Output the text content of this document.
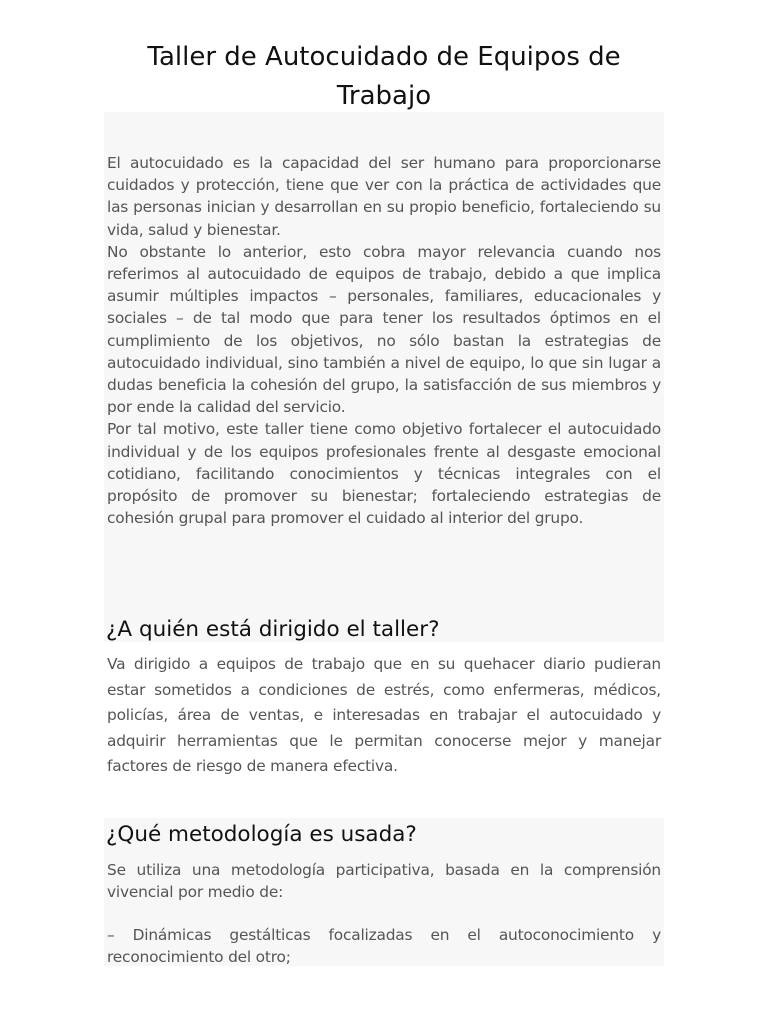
Taller de Autocuidado de Equipos de Trabajo

El autocuidado es la capacidad del ser humano para proporcionarse cuidados y protección, tiene que ver con la práctica de actividades que las personas inician y desarrollan en su propio beneficio, fortaleciendo su vida, salud y bienestar.

No obstante lo anterior, esto cobra mayor relevancia cuando nos referimos al autocuidado de equipos de trabajo, debido a que implica asumir múltiples impactos – personales, familiares, educacionales y sociales – de tal modo que para tener los resultados óptimos en el cumplimiento de los objetivos, no sólo bastan la estrategias de autocuidado individual, sino también a nivel de equipo, lo que sin lugar a dudas beneficia la cohesión del grupo, la satisfacción de sus miembros y por ende la calidad del servicio.

Por tal motivo, este taller tiene como objetivo fortalecer el autocuidado individual y de los equipos profesionales frente al desgaste emocional cotidiano, facilitando conocimientos y técnicas integrales con el propósito de promover su bienestar; fortaleciendo estrategias de cohesión grupal para promover el cuidado al interior del grupo.

¿A quién está dirigido el taller?

Va dirigido a equipos de trabajo que en su quehacer diario pudieran estar sometidos a condiciones de estrés, como enfermeras, médicos, policías, área de ventas, e interesadas en trabajar el autocuidado y adquirir herramientas que le permitan conocerse mejor y manejar factores de riesgo de manera efectiva.

¿Qué metodología es usada?

Se utiliza una metodología participativa, basada en la comprensión vivencial por medio de:

– Dinámicas gestálticas focalizadas en el autoconocimiento y reconocimiento del otro;
